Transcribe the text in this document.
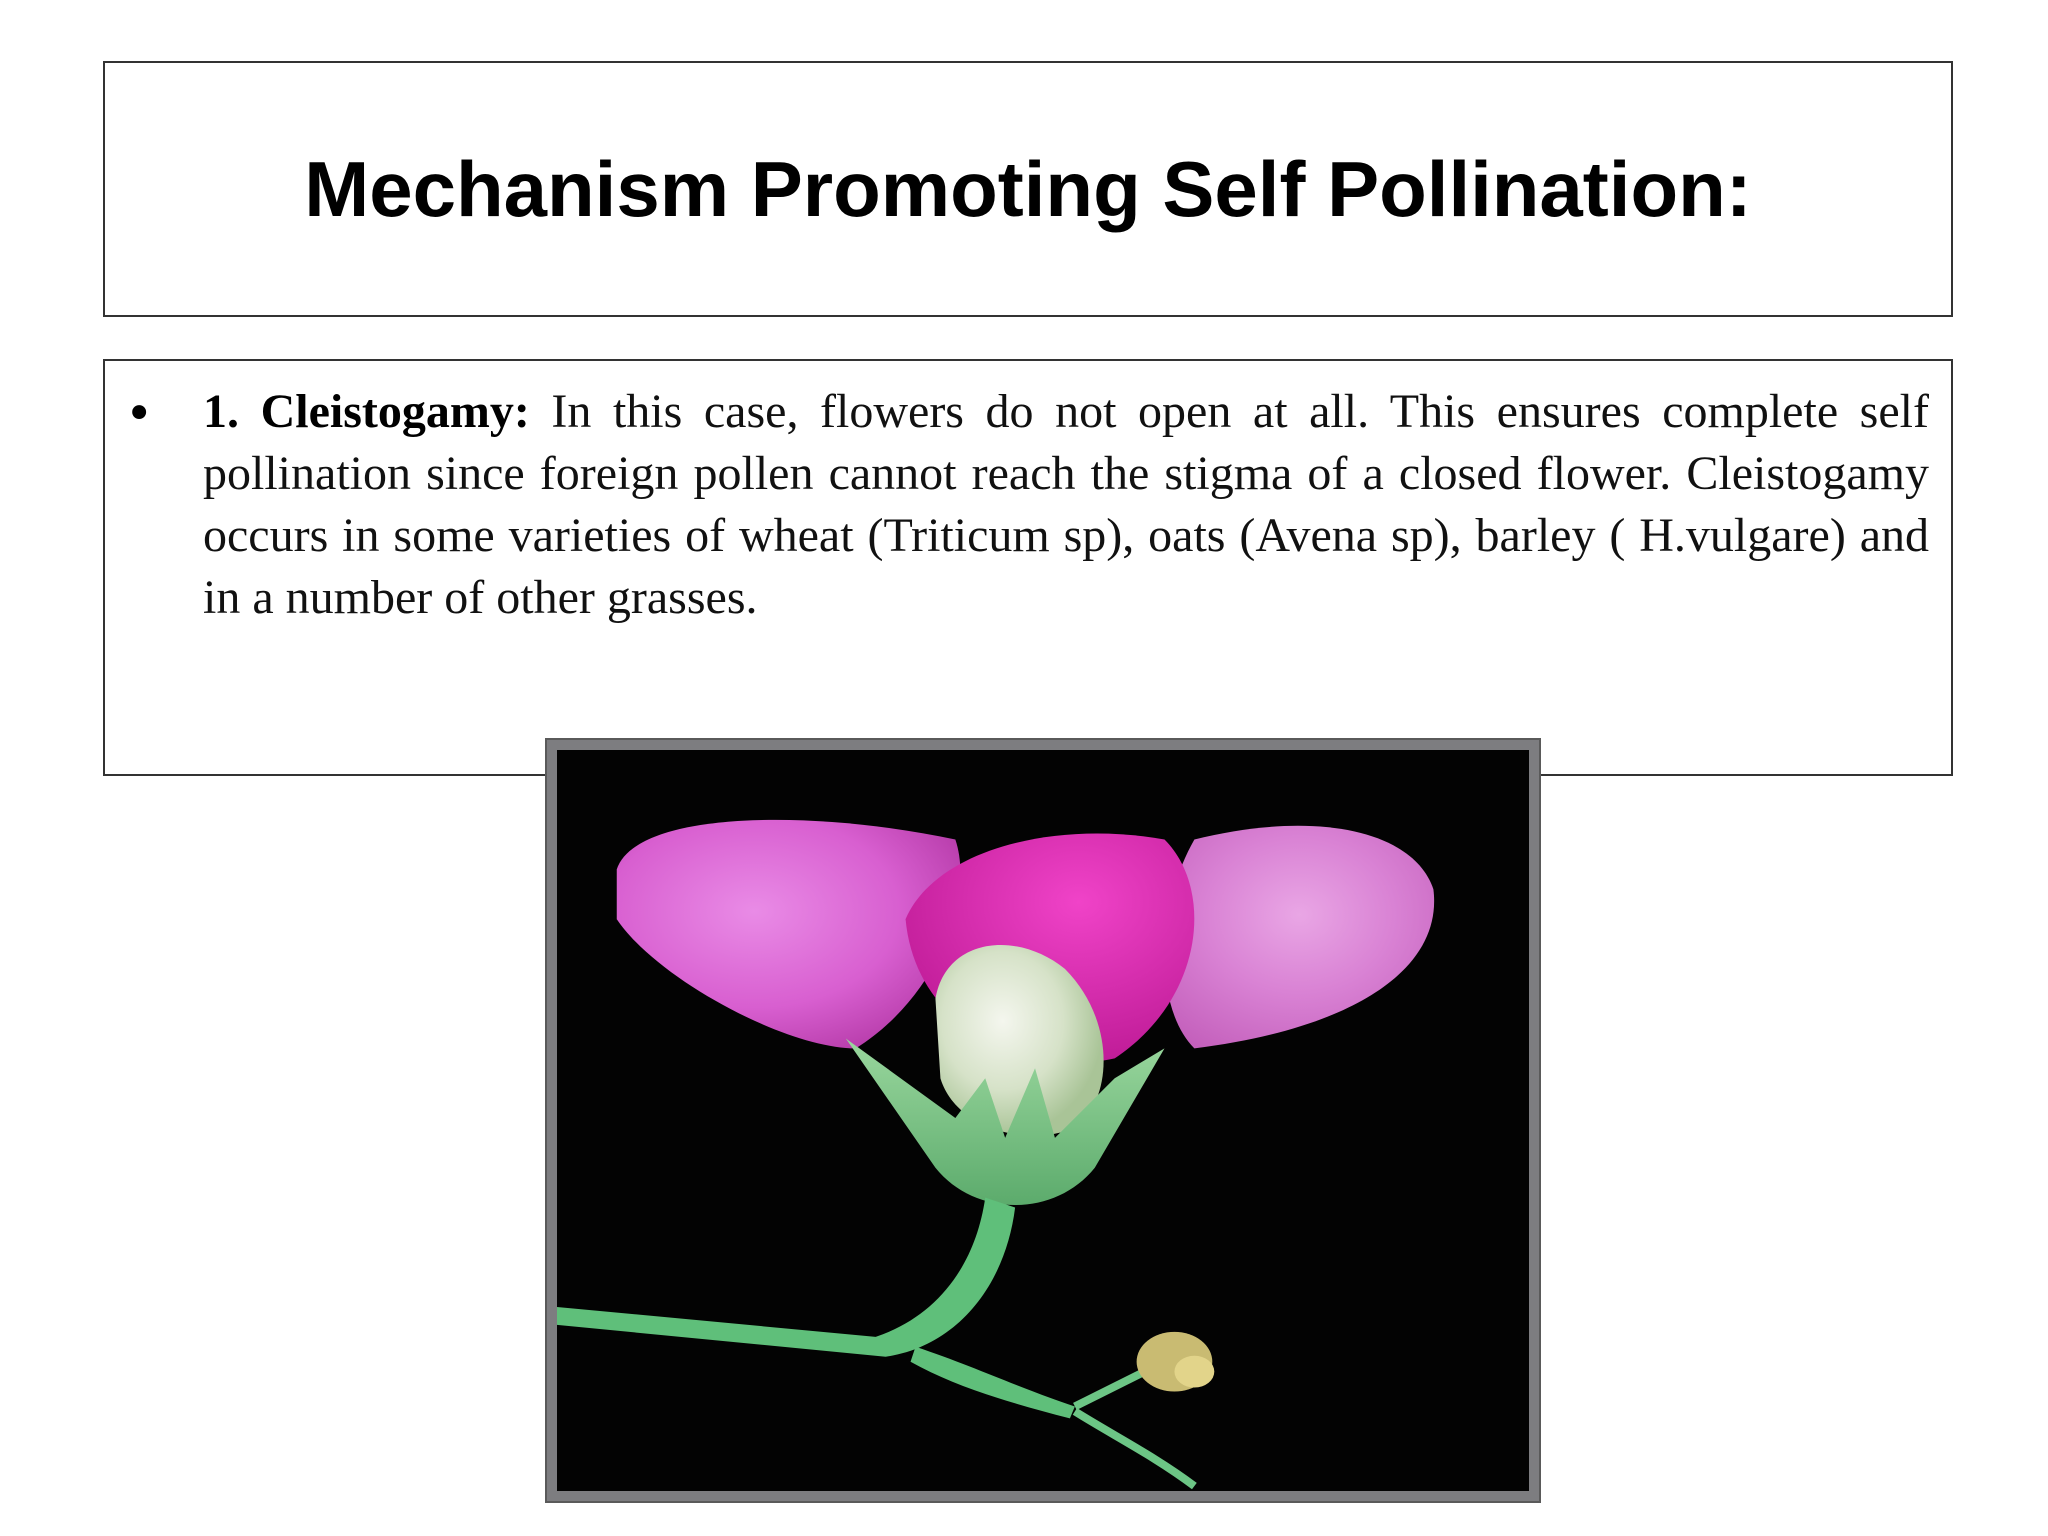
Mechanism Promoting Self Pollination:
• 1. Cleistogamy: In this case, flowers do not open at all. This ensures complete self pollination since foreign pollen cannot reach the stigma of a closed flower. Cleistogamy occurs in some varieties of wheat (Triticum sp), oats (Avena sp), barley ( H.vulgare) and in a number of other grasses.
